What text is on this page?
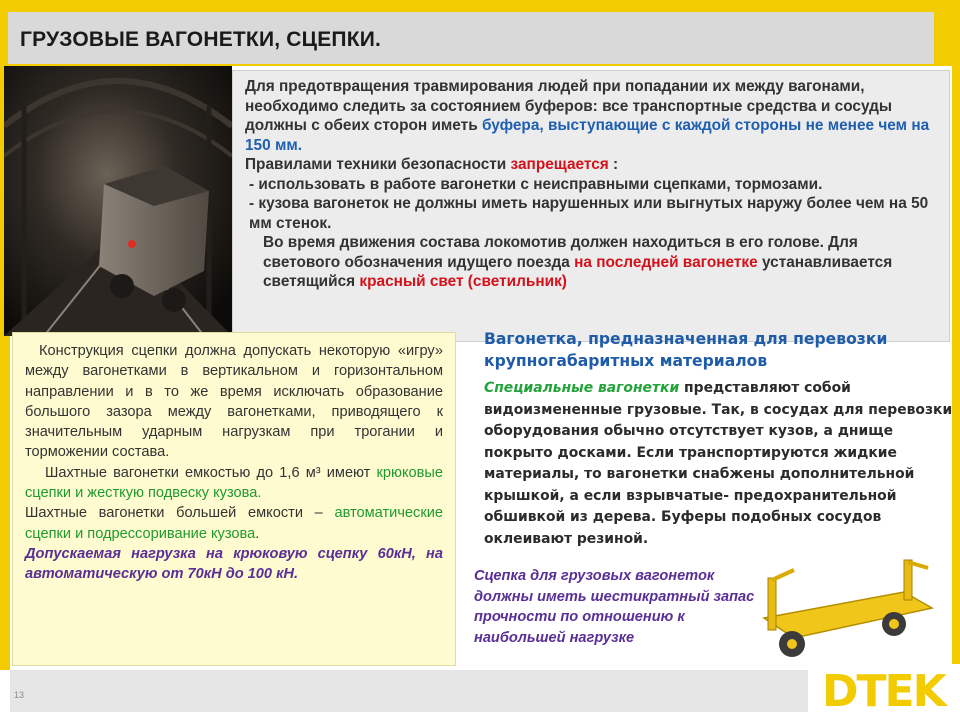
ГРУЗОВЫЕ ВАГОНЕТКИ, СЦЕПКИ.

Для предотвращения травмирования людей при попадании их между вагонами, необходимо следить за состоянием буферов: все транспортные средства и сосуды должны с обеих сторон иметь буфера, выступающие с каждой стороны не менее чем на 150 мм.

Правилами техники безопасности запрещается :

- использовать в работе вагонетки с неисправными сцепками, тормозами.

- кузова вагонеток не должны иметь нарушенных или выгнутых наружу более чем на 50 мм стенок.

Во время движения состава локомотив должен находиться в его голове. Для светового обозначения идущего поезда на последней вагонетке устанавливается светящийся красный свет (светильник)

Конструкция сцепки должна допускать некоторую «игру» между вагонетками в вертикальном и горизонтальном направлении и в то же время исключать образование большого зазора между вагонетками, приводящего к значительным ударным нагрузкам при трогании и торможении состава.

Шахтные вагонетки емкостью до 1,6 м³ имеют крюковые сцепки и жесткую подвеску кузова.

Шахтные вагонетки большей емкости – автоматические сцепки и подрессоривание кузова.

Допускаемая нагрузка на крюковую сцепку 60кН, на автоматическую от 70кН до 100 кН.

Вагонетка, предназначенная для перевозки крупногабаритных материалов
Специальные вагонетки представляют собой видоизмененные грузовые. Так, в сосудах для перевозки оборудования обычно отсутствует кузов, а днище покрыто досками. Если транспортируются жидкие материалы, то вагонетки снабжены дополнительной крышкой, а если взрывчатые- предохранительной обшивкой из дерева. Буферы подобных сосудов оклеивают резиной.
Сцепка для грузовых вагонеток должны иметь шестикратный запас прочности по отношению к наибольшей нагрузке
13	DTEK
